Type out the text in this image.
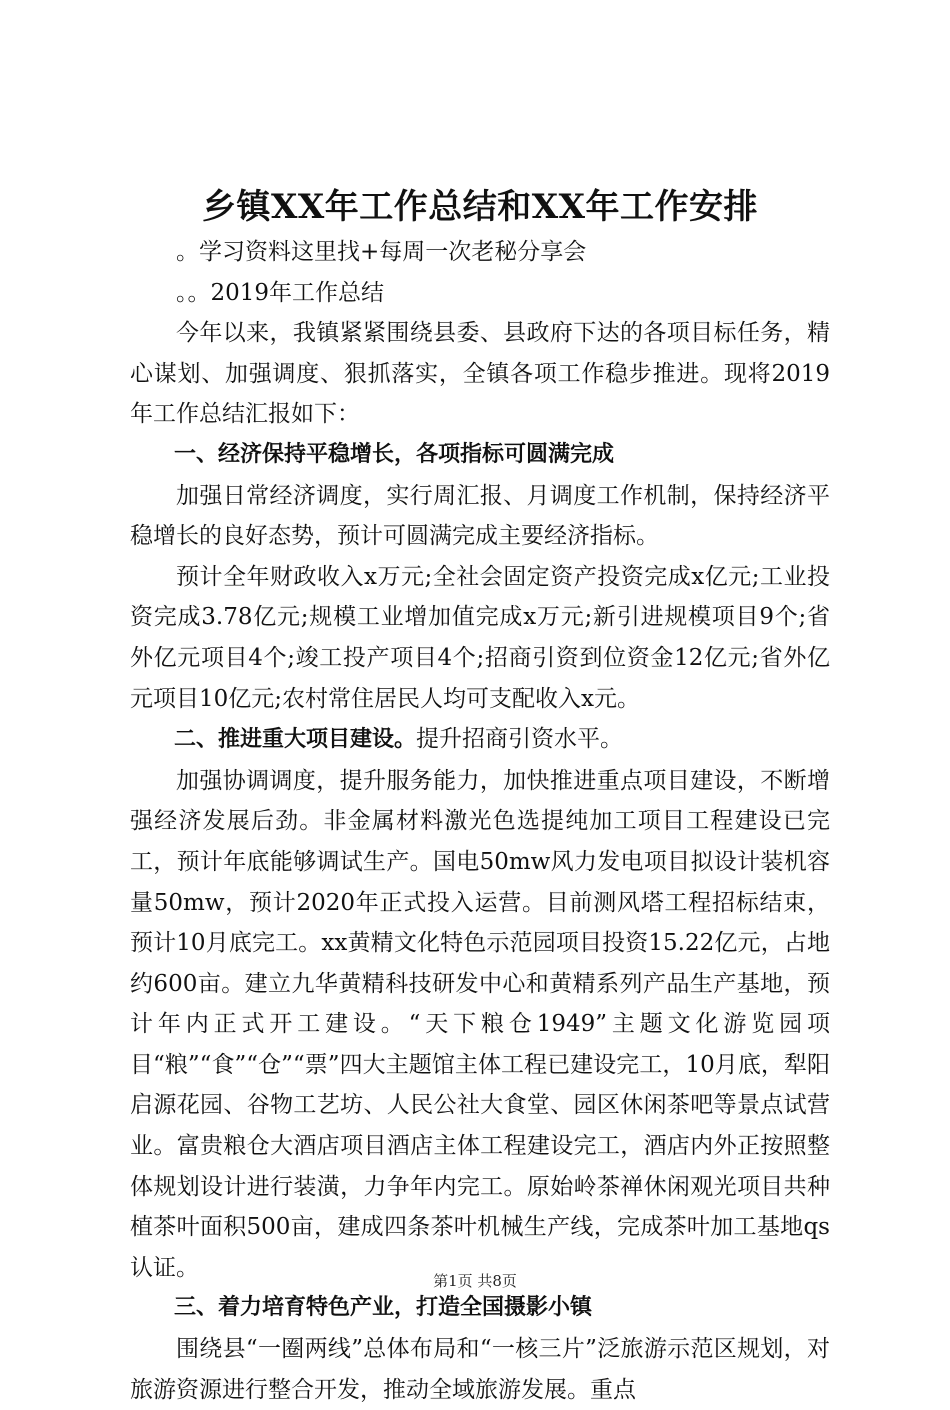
乡镇XX年工作总结和XX年工作安排

。学习资料这里找+每周一次老秘分享会

。。2019年工作总结

今年以来，我镇紧紧围绕县委、县政府下达的各项目标任务，精心谋划、加强调度、狠抓落实，全镇各项工作稳步推进。现将2019年工作总结汇报如下：

一、经济保持平稳增长，各项指标可圆满完成

加强日常经济调度，实行周汇报、月调度工作机制，保持经济平稳增长的良好态势，预计可圆满完成主要经济指标。

预计全年财政收入x万元;全社会固定资产投资完成x亿元;工业投资完成3.78亿元;规模工业增加值完成x万元;新引进规模项目9个;省外亿元项目4个;竣工投产项目4个;招商引资到位资金12亿元;省外亿元项目10亿元;农村常住居民人均可支配收入x元。

二、推进重大项目建设。提升招商引资水平。

加强协调调度，提升服务能力，加快推进重点项目建设，不断增强经济发展后劲。非金属材料激光色选提纯加工项目工程建设已完工，预计年底能够调试生产。国电50mw风力发电项目拟设计装机容量50mw，预计2020年正式投入运营。目前测风塔工程招标结束，预计10月底完工。xx黄精文化特色示范园项目投资15.22亿元，占地约600亩。建立九华黄精科技研发中心和黄精系列产品生产基地，预计年内正式开工建设。“天下粮仓1949”主题文化游览园项目“粮”“食”“仓”“票”四大主题馆主体工程已建设完工，10月底，犁阳启源花园、谷物工艺坊、人民公社大食堂、园区休闲茶吧等景点试营业。富贵粮仓大酒店项目酒店主体工程建设完工，酒店内外正按照整体规划设计进行装潢，力争年内完工。原始岭茶禅休闲观光项目共种植茶叶面积500亩，建成四条茶叶机械生产线，完成茶叶加工基地qs认证。

三、着力培育特色产业，打造全国摄影小镇

围绕县“一圈两线”总体布局和“一核三片”泛旅游示范区规划，对旅游资源进行整合开发，推动全域旅游发展。重点

第1页 共8页
